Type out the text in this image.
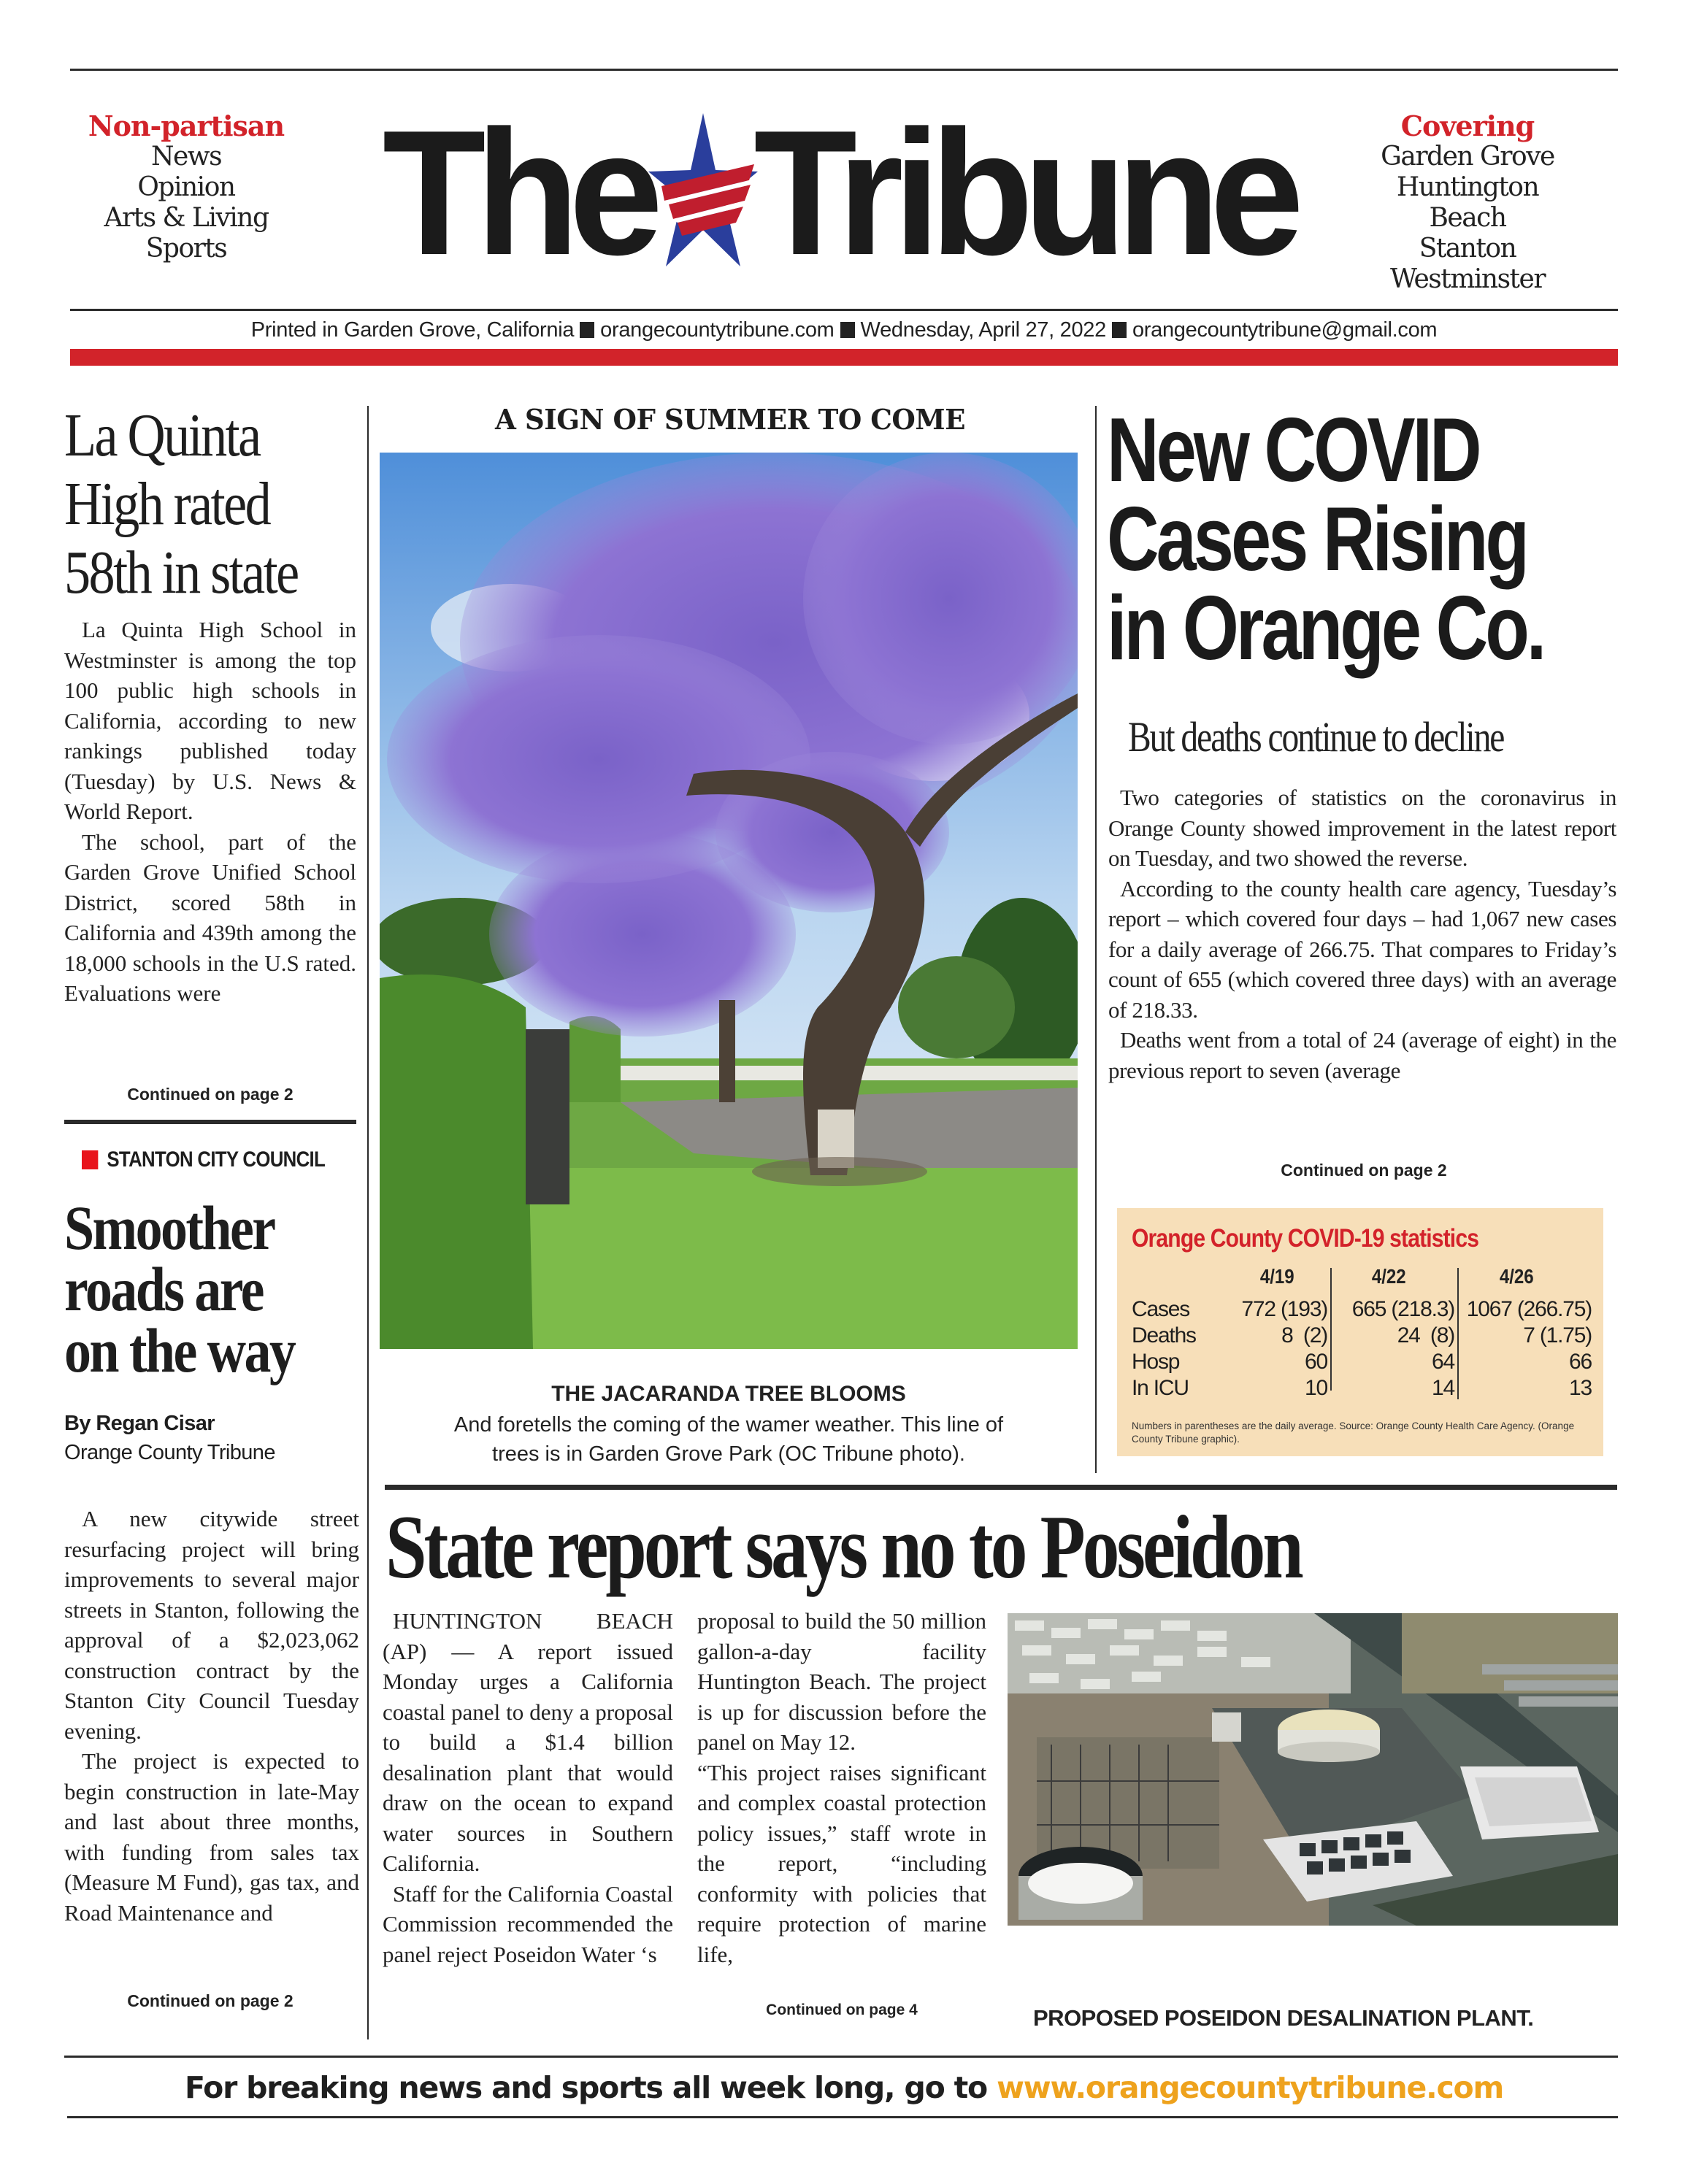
Non-partisan
News
Opinion
Arts & Living
Sports The Tribune	Covering
Garden Grove
Huntington Beach
Stanton
Westminster
Printed in Garden Grove, California orangecountytribune.com Wednesday, April 27, 2022 orangecountytribune@gmail.com
La Quinta
High rated
58th in state

La Quinta High School in Westminster is among the top 100 public high schools in California, according to new rankings published today (Tuesday) by U.S. News & World Report.

The school, part of the Garden Grove Unified School District, scored 58th in California and 439th among the 18,000 schools in the U.S rated. Evaluations were

Continued on page 2
STANTON CITY COUNCIL
Smoother
roads are
on the way
By Regan Cisar
Orange County Tribune

A new citywide street resurfacing project will bring improvements to several major streets in Stanton, following the approval of a $2,023,062 construction contract by the Stanton City Council Tuesday evening.

The project is expected to begin construction in late-May and last about three months, with funding from sales tax (Measure M Fund), gas tax, and Road Maintenance and

Continued on page 2
A SIGN OF SUMMER TO COME
THE JACARANDA TREE BLOOMS
And foretells the coming of the wamer weather. This line of
trees is in Garden Grove Park (OC Tribune photo).
New COVID
Cases Rising
in Orange Co.
But deaths continue to decline

Two categories of statistics on the coronavirus in Orange County showed improvement in the latest report on Tuesday, and two showed the reverse.

According to the county health care agency, Tuesday’s report – which covered four days – had 1,067 new cases for a daily average of 266.75. That compares to Friday’s count of 655 (which covered three days) with an average of 218.33.

Deaths went from a total of 24 (average of eight) in the previous report to seven (average

Continued on page 2
Orange County COVID-19 statistics
4/19	4/22	4/26
Cases 772 (193) 665 (218.3) 1067 (266.75)
Deaths	8  (2)	24  (8)	7 (1.75)
Hosp	60	64	66
In ICU	10	14	13
Numbers in parentheses are the daily average. Source: Orange County Health Care Agency. (Orange County Tribune graphic).
State report says no to Poseidon

HUNTINGTON BEACH (AP) — A report issued Monday urges a California coastal panel to deny a proposal to build a $1.4 billion desalination plant that would draw on the ocean to expand water sources in Southern California.

Staff for the California Coastal Commission recommended the panel reject Poseidon Water ‘s

proposal to build the 50 million gallon-a-day facility Huntington Beach. The project is up for discussion before the panel on May 12.

“This project raises significant and complex coastal protection policy issues,” staff wrote in the report, “including conformity with policies that require protection of marine life,

Continued on page 4	PROPOSED POSEIDON DESALINATION PLANT.
For breaking news and sports all week long, go to www.orangecountytribune.com
